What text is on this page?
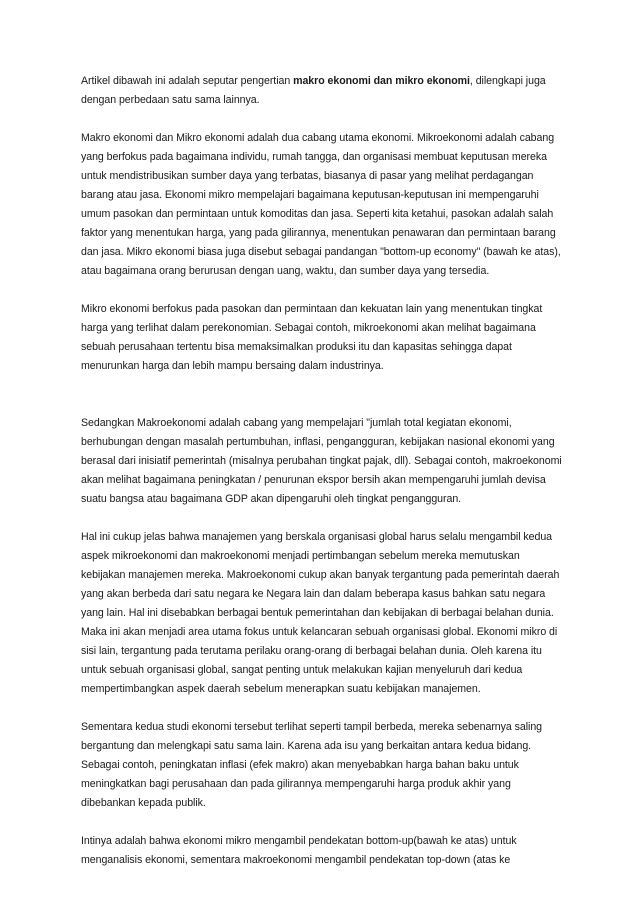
Artikel dibawah ini adalah seputar pengertian makro ekonomi dan mikro ekonomi, dilengkapi juga dengan perbedaan satu sama lainnya.

Makro ekonomi dan Mikro ekonomi adalah dua cabang utama ekonomi. Mikroekonomi adalah cabang yang berfokus pada bagaimana individu, rumah tangga, dan organisasi membuat keputusan mereka untuk mendistribusikan sumber daya yang terbatas, biasanya di pasar yang melihat perdagangan barang atau jasa. Ekonomi mikro mempelajari bagaimana keputusan-keputusan ini mempengaruhi umum pasokan dan permintaan untuk komoditas dan jasa. Seperti kita ketahui, pasokan adalah salah faktor yang menentukan harga, yang pada gilirannya, menentukan penawaran dan permintaan barang dan jasa. Mikro ekonomi biasa juga disebut sebagai pandangan "bottom-up economy" (bawah ke atas), atau bagaimana orang berurusan dengan uang, waktu, dan sumber daya yang tersedia.

Mikro ekonomi berfokus pada pasokan dan permintaan dan kekuatan lain yang menentukan tingkat harga yang terlihat dalam perekonomian. Sebagai contoh, mikroekonomi akan melihat bagaimana sebuah perusahaan tertentu bisa memaksimalkan produksi itu dan kapasitas sehingga dapat menurunkan harga dan lebih mampu bersaing dalam industrinya.

Sedangkan Makroekonomi adalah cabang yang mempelajari "jumlah total kegiatan ekonomi, berhubungan dengan masalah pertumbuhan, inflasi, pengangguran, kebijakan nasional ekonomi yang berasal dari inisiatif pemerintah (misalnya perubahan tingkat pajak, dll). Sebagai contoh, makroekonomi akan melihat bagaimana peningkatan / penurunan ekspor bersih akan mempengaruhi jumlah devisa suatu bangsa atau bagaimana GDP akan dipengaruhi oleh tingkat pengangguran.

Hal ini cukup jelas bahwa manajemen yang berskala organisasi global harus selalu mengambil kedua aspek mikroekonomi dan makroekonomi menjadi pertimbangan sebelum mereka memutuskan kebijakan manajemen mereka. Makroekonomi cukup akan banyak tergantung pada pemerintah daerah yang akan berbeda dari satu negara ke Negara lain dan dalam beberapa kasus bahkan satu negara yang lain. Hal ini disebabkan berbagai bentuk pemerintahan dan kebijakan di berbagai belahan dunia. Maka ini akan menjadi area utama fokus untuk kelancaran sebuah organisasi global. Ekonomi mikro di sisi lain, tergantung pada terutama perilaku orang-orang di berbagai belahan dunia. Oleh karena itu untuk sebuah organisasi global, sangat penting untuk melakukan kajian menyeluruh dari kedua mempertimbangkan aspek daerah sebelum menerapkan suatu kebijakan manajemen.

Sementara kedua studi ekonomi tersebut terlihat seperti tampil berbeda, mereka sebenarnya saling bergantung dan melengkapi satu sama lain. Karena ada isu yang berkaitan antara kedua bidang. Sebagai contoh, peningkatan inflasi (efek makro) akan menyebabkan harga bahan baku untuk meningkatkan bagi perusahaan dan pada gilirannya mempengaruhi harga produk akhir yang dibebankan kepada publik.

Intinya adalah bahwa ekonomi mikro mengambil pendekatan bottom-up(bawah ke atas) untuk menganalisis ekonomi, sementara makroekonomi mengambil pendekatan top-down (atas ke
